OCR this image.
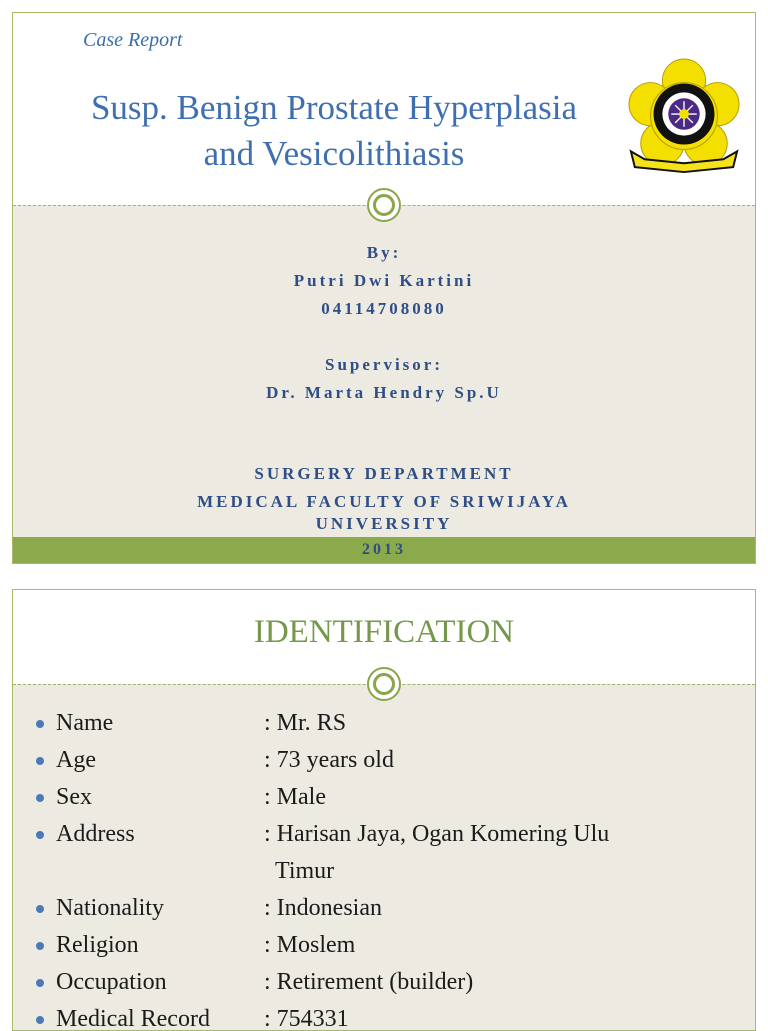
Case Report
Susp. Benign Prostate Hyperplasia
and Vesicolithiasis
By:
Putri Dwi Kartini
04114708080
Supervisor:
Dr. Marta Hendry Sp.U
SURGERY DEPARTMENT
MEDICAL FACULTY OF SRIWIJAYA
UNIVERSITY
2013
IDENTIFICATION
Name	: Mr. RS
Age	: 73 years old
Sex	: Male
Address	: Harisan Jaya, Ogan Komering Ulu
Timur
Nationality	: Indonesian
Religion	: Moslem
Occupation	: Retirement (builder)
Medical Record : 754331
